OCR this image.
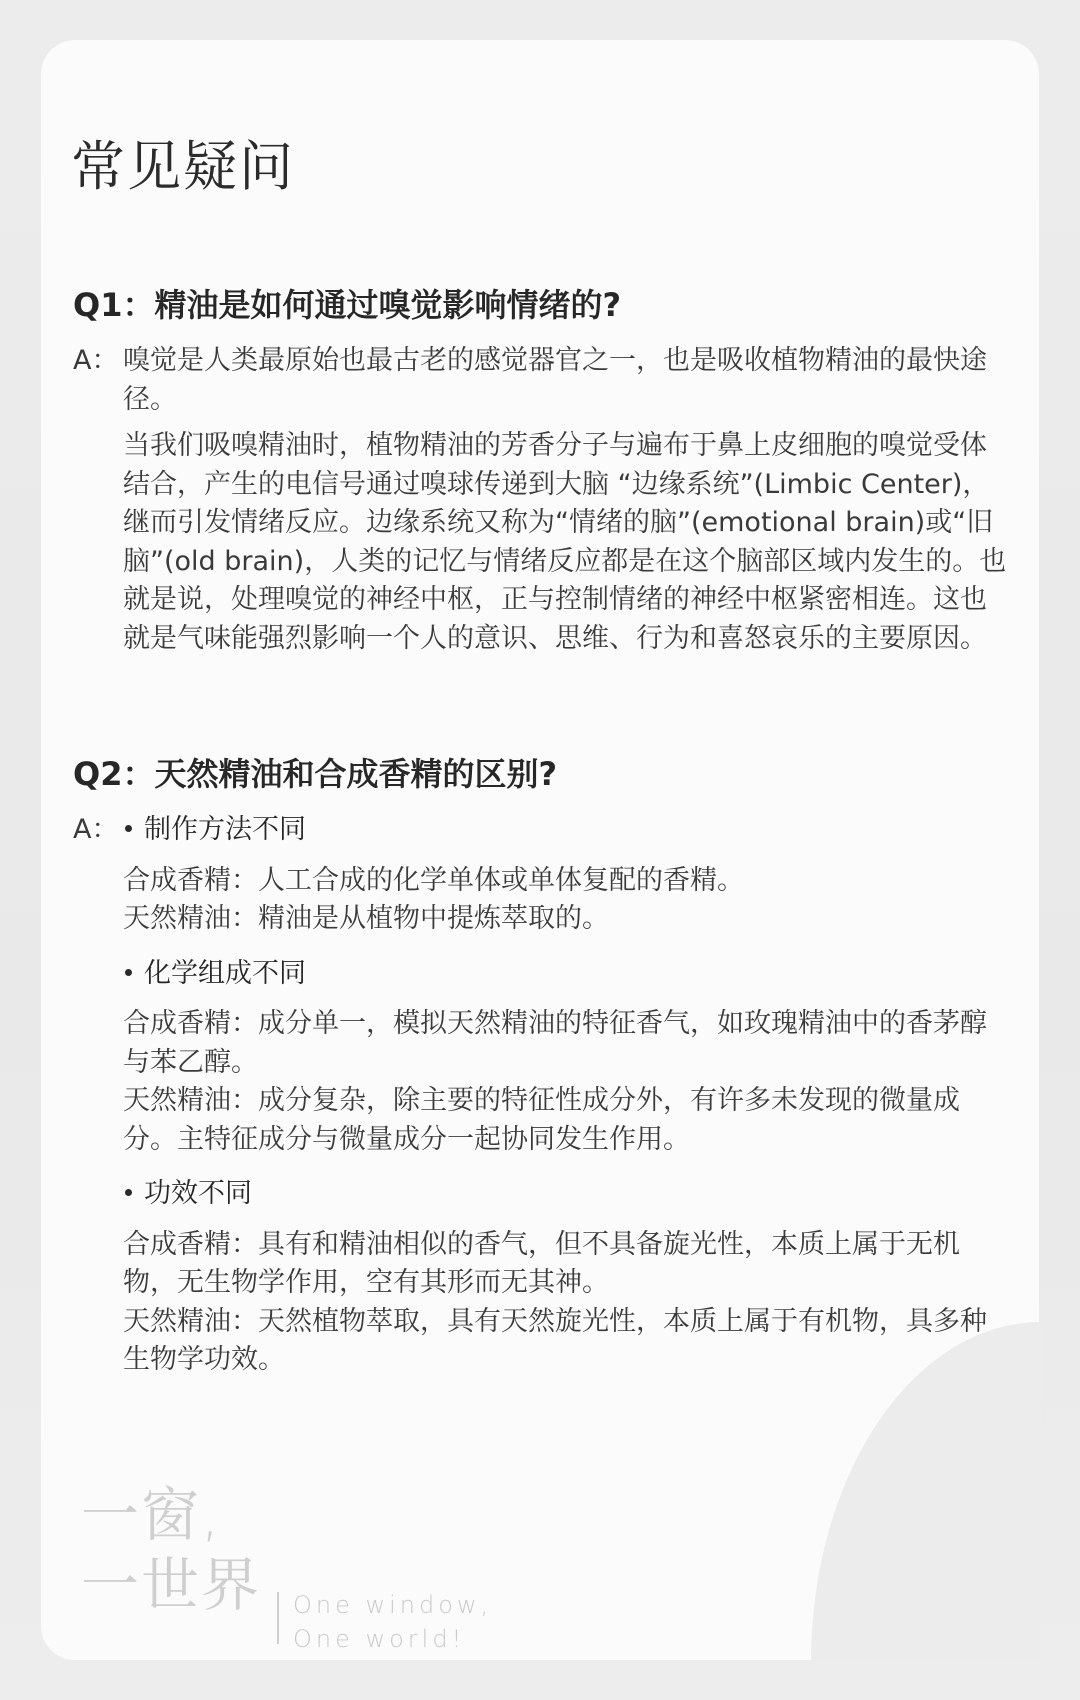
常见疑问
Q1：精油是如何通过嗅觉影响情绪的?
A： 嗅觉是人类最原始也最古老的感觉器官之一，也是吸收植物精油的最快途径。

当我们吸嗅精油时，植物精油的芳香分子与遍布于鼻上皮细胞的嗅觉受体结合，产生的电信号通过嗅球传递到大脑 “边缘系统”(Limbic Center)，继而引发情绪反应。边缘系统又称为“情绪的脑”(emotional brain)或“旧脑”(old brain)，人类的记忆与情绪反应都是在这个脑部区域内发生的。也就是说，处理嗅觉的神经中枢，正与控制情绪的神经中枢紧密相连。这也就是气味能强烈影响一个人的意识、思维、行为和喜怒哀乐的主要原因。

Q2：天然精油和合成香精的区别?
A： 制作方法不同

合成香精：人工合成的化学单体或单体复配的香精。

天然精油：精油是从植物中提炼萃取的。

化学组成不同

合成香精：成分单一，模拟天然精油的特征香气，如玫瑰精油中的香茅醇与苯乙醇。

天然精油：成分复杂，除主要的特征性成分外，有许多未发现的微量成分。主特征成分与微量成分一起协同发生作用。

功效不同

合成香精：具有和精油相似的香气，但不具备旋光性，本质上属于无机物，无生物学作用，空有其形而无其神。

天然精油：天然植物萃取，具有天然旋光性，本质上属于有机物，具多种生物学功效。

一窗,
一世界 One window,
One world!
